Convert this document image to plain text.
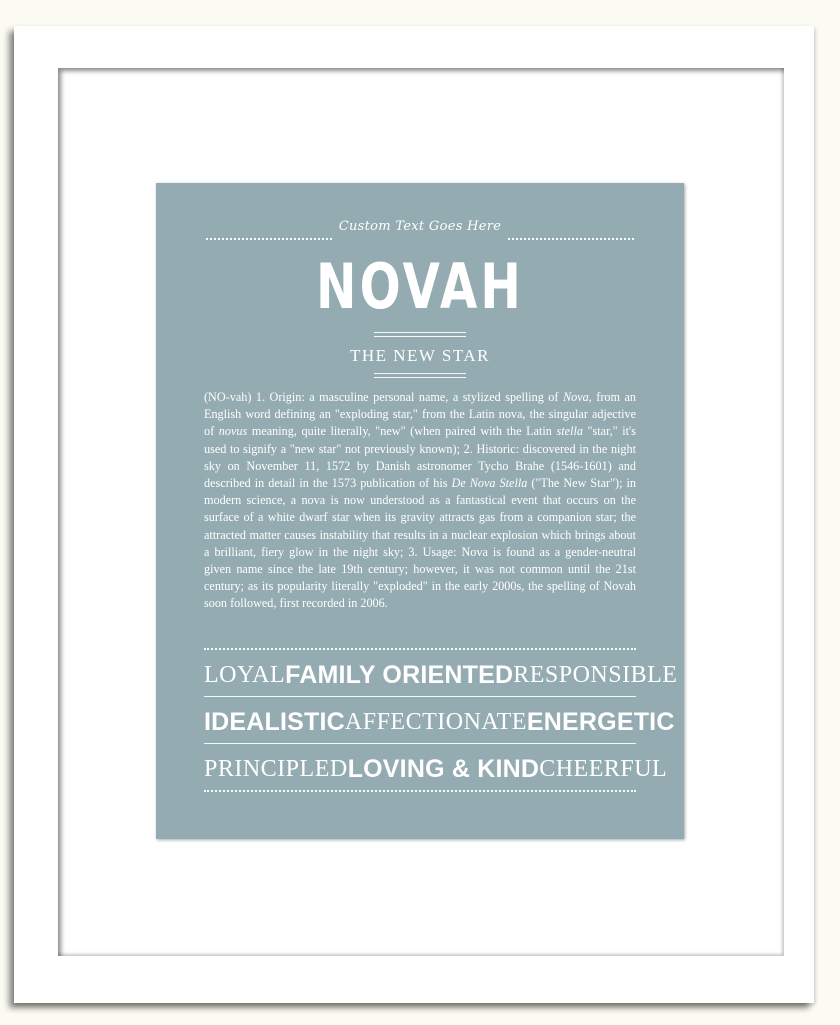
Custom Text Goes Here
NOVAH
THE NEW STAR
(NO-vah) 1. Origin: a masculine personal name, a stylized spelling of Nova, from an English word defining an "exploding star," from the Latin nova, the singular adjective of novus meaning, quite literally, "new" (when paired with the Latin stella "star," it's used to signify a "new star" not previously known); 2. Historic: discovered in the night sky on November 11, 1572 by Danish astronomer Tycho Brahe (1546-1601) and described in detail in the 1573 publication of his De Nova Stella ("The New Star"); in modern science, a nova is now understood as a fantastical event that occurs on the surface of a white dwarf star when its gravity attracts gas from a companion star; the attracted matter causes instability that results in a nuclear explosion which brings about a brilliant, fiery glow in the night sky; 3. Usage: Nova is found as a gender-neutral given name since the late 19th century; however, it was not common until the 21st century; as its popularity literally "exploded" in the early 2000s, the spelling of Novah soon followed, first recorded in 2006.
LOYAL FAMILY ORIENTED RESPONSIBLE
IDEALISTIC AFFECTIONATE ENERGETIC
PRINCIPLED LOVING & KIND CHEERFUL
